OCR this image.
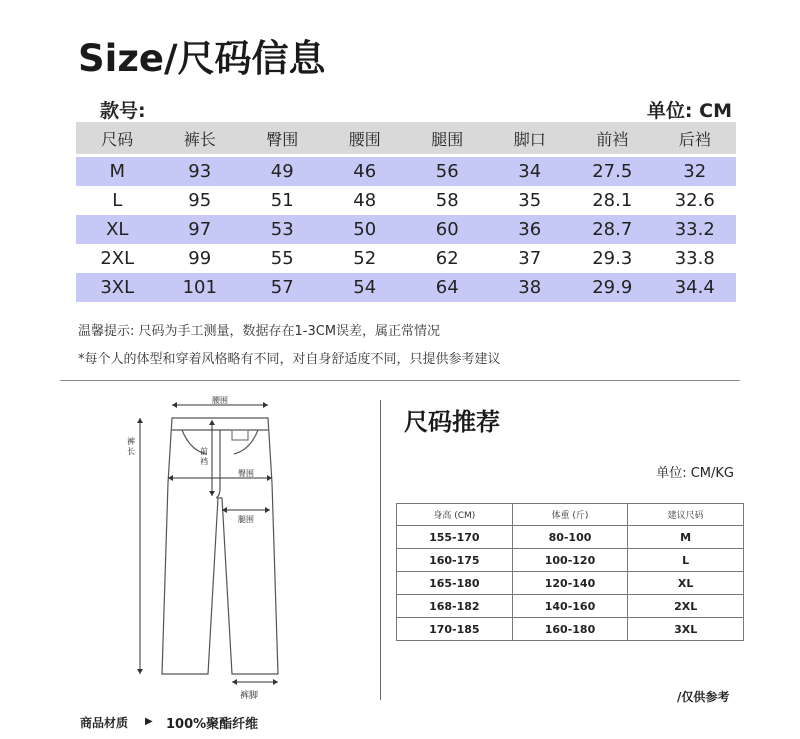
Size/尺码信息
款号:	单位: CM
尺码	裤长	臀围	腰围	腿围	脚口	前裆	后裆

M	93	49	46	56	34	27.5	32
L	95	51	48	58	35	28.1	32.6
XL	97	53	50	60	36	28.7	33.2
2XL	99	55	52	62	37	29.3	33.8
3XL	101	57	54	64	38	29.9	34.4
温馨提示: 尺码为手工测量，数据存在1-3CM误差，属正常情况
*每个人的体型和穿着风格略有不同，对自身舒适度不同，只提供参考建议
腰围
前
裆
臀围
腿围
裤
长
裤脚
尺码推荐
单位: CM/KG
身高 (CM)	体重 (斤)	建议尺码
155-170	80-100	M
160-175	100-120	L
165-180	120-140	XL
168-182	140-160	2XL
170-185	160-180	3XL
/仅供参考
商品材质 ▶ 100%聚酯纤维
